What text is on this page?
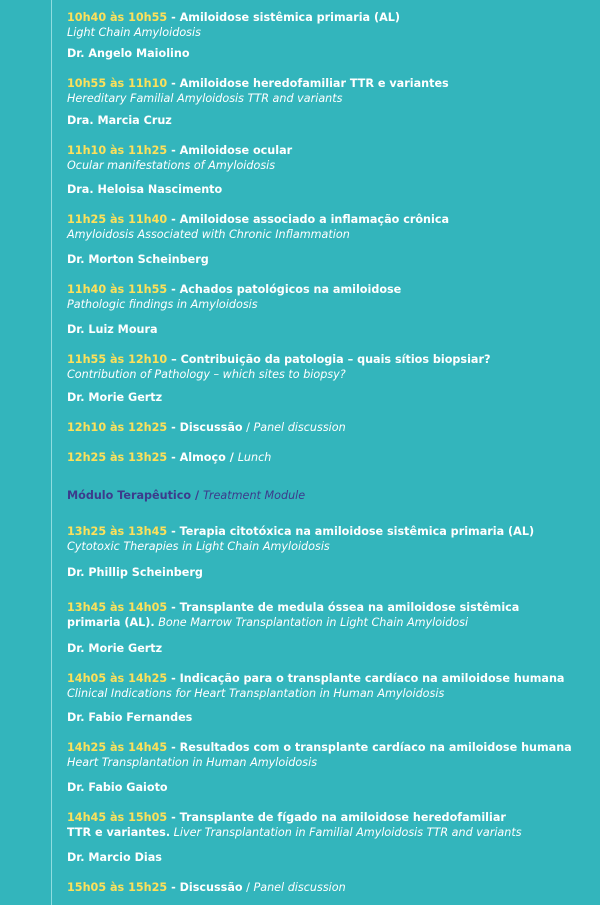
10h40 às 10h55 - Amiloidose sistêmica primaria (AL)
Light Chain Amyloidosis
Dr. Angelo Maiolino
10h55 às 11h10 - Amiloidose heredofamiliar TTR e variantes
Hereditary Familial Amyloidosis TTR and variants
Dra. Marcia Cruz
11h10 às 11h25 - Amiloidose ocular
Ocular manifestations of Amyloidosis
Dra. Heloisa Nascimento
11h25 às 11h40 - Amiloidose associado a inflamação crônica
Amyloidosis Associated with Chronic Inflammation
Dr. Morton Scheinberg
11h40 às 11h55 - Achados patológicos na amiloidose
Pathologic findings in Amyloidosis
Dr. Luiz Moura
11h55 às 12h10 – Contribuição da patologia – quais sítios biopsiar?
Contribution of Pathology – which sites to biopsy?
Dr. Morie Gertz
12h10 às 12h25 - Discussão / Panel discussion
12h25 às 13h25 - Almoço / Lunch
Módulo Terapêutico / Treatment Module
13h25 às 13h45 - Terapia citotóxica na amiloidose sistêmica primaria (AL)
Cytotoxic Therapies in Light Chain Amyloidosis
Dr. Phillip Scheinberg
13h45 às 14h05 - Transplante de medula óssea na amiloidose sistêmica
primaria (AL). Bone Marrow Transplantation in Light Chain Amyloidosi
Dr. Morie Gertz
14h05 às 14h25 - Indicação para o transplante cardíaco na amiloidose humana
Clinical Indications for Heart Transplantation in Human Amyloidosis
Dr. Fabio Fernandes
14h25 às 14h45 - Resultados com o transplante cardíaco na amiloidose humana
Heart Transplantation in Human Amyloidosis
Dr. Fabio Gaioto
14h45 às 15h05 - Transplante de fígado na amiloidose heredofamiliar
TTR e variantes. Liver Transplantation in Familial Amyloidosis TTR and variants
Dr. Marcio Dias
15h05 às 15h25 - Discussão / Panel discussion
